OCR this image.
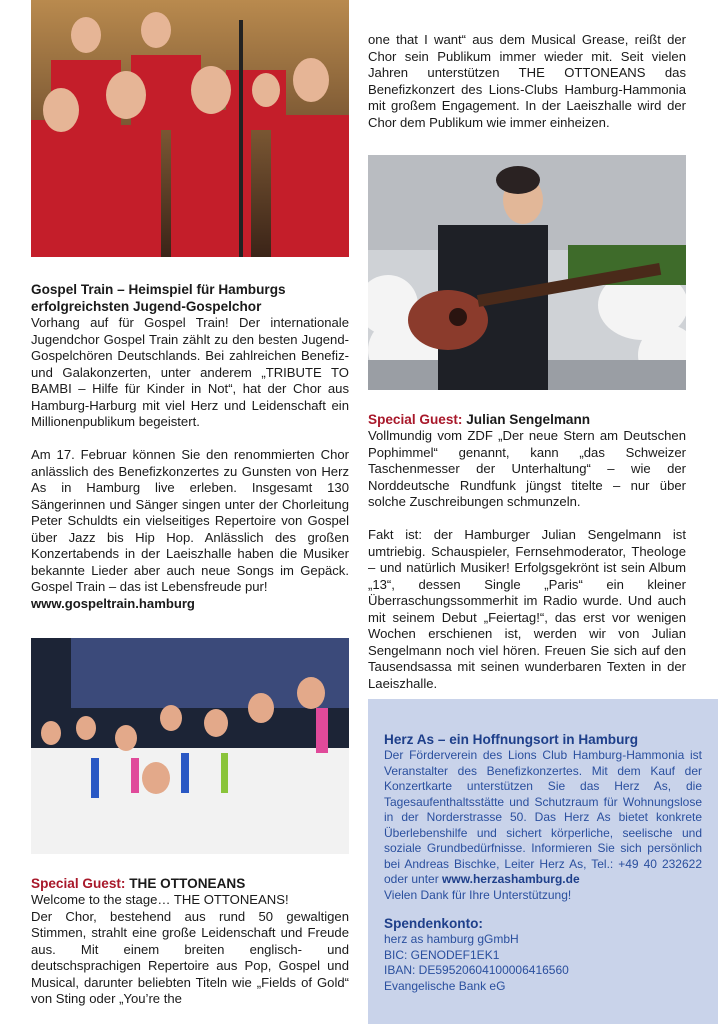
Gospel Train – Heimspiel für Hamburgs erfolgreichsten Jugend-Gospelchor

Vorhang auf für Gospel Train! Der internationale Jugendchor Gospel Train zählt zu den besten Jugend-Gospelchören Deutschlands. Bei zahlreichen Benefiz- und Galakonzerten, unter anderem „TRIBUTE TO BAMBI – Hilfe für Kinder in Not“, hat der Chor aus Hamburg-Harburg mit viel Herz und Leidenschaft ein Millionenpublikum begeistert.

Am 17. Februar können Sie den renommierten Chor anlässlich des Benefizkonzertes zu Gunsten von Herz As in Hamburg live erleben. Insgesamt 130 Sängerinnen und Sänger singen unter der Chorleitung Peter Schuldts ein vielseitiges Repertoire von Gospel über Jazz bis Hip Hop. Anlässlich des großen Konzertabends in der Laeiszhalle haben die Musiker bekannte Lieder aber auch neue Songs im Gepäck. Gospel Train – das ist Lebensfreude pur!

www.gospeltrain.hamburg
Special Guest: THE OTTONEANS
Welcome to the stage… THE OTTONEANS!
Der Chor, bestehend aus rund 50 gewaltigen Stimmen, strahlt eine große Leidenschaft und Freude aus. Mit einem breiten englisch- und deutschsprachigen Repertoire aus Pop, Gospel und Musical, darunter beliebten Titeln wie „Fields of Gold“ von Sting oder „You’re the
one that I want“ aus dem Musical Grease, reißt der Chor sein Publikum immer wieder mit. Seit vielen Jahren unterstützen THE OTTONEANS das Benefizkonzert des Lions-Clubs Hamburg-Hammonia mit großem Engagement. In der Laeiszhalle wird der Chor dem Publikum wie immer einheizen.
Special Guest: Julian Sengelmann

Vollmundig vom ZDF „Der neue Stern am Deutschen Pophimmel“ genannt, kann „das Schweizer Taschenmesser der Unterhaltung“ – wie der Norddeutsche Rundfunk jüngst titelte – nur über solche Zuschreibungen schmunzeln.

Fakt ist: der Hamburger Julian Sengelmann ist umtriebig. Schauspieler, Fernsehmoderator, Theologe – und natürlich Musiker! Erfolgsgekrönt ist sein Album „13“, dessen Single „Paris“ ein kleiner Überraschungssommerhit im Radio wurde. Und auch mit seinem Debut „Feiertag!“, das erst vor wenigen Wochen erschienen ist, werden wir von Julian Sengelmann noch viel hören. Freuen Sie sich auf den Tausendsassa mit seinen wunderbaren Texten in der Laeiszhalle.

Herz As – ein Hoffnungsort in Hamburg

Der Förderverein des Lions Club Hamburg-Hammonia ist Veranstalter des Benefizkonzertes. Mit dem Kauf der Konzertkarte unterstützen Sie das Herz As, die Tagesaufenthaltsstätte und Schutzraum für Wohnungslose in der Norderstrasse 50. Das Herz As bietet konkrete Überlebenshilfe und sichert körperliche, seelische und soziale Grundbedürfnisse. Informieren Sie sich persönlich bei Andreas Bischke, Leiter Herz As, Tel.: +49 40 232622 oder unter www.herzashamburg.de

Vielen Dank für Ihre Unterstützung!
Spendenkonto:
herz as hamburg gGmbH
BIC: GENODEF1EK1
IBAN: DE59520604100006416560
Evangelische Bank eG
